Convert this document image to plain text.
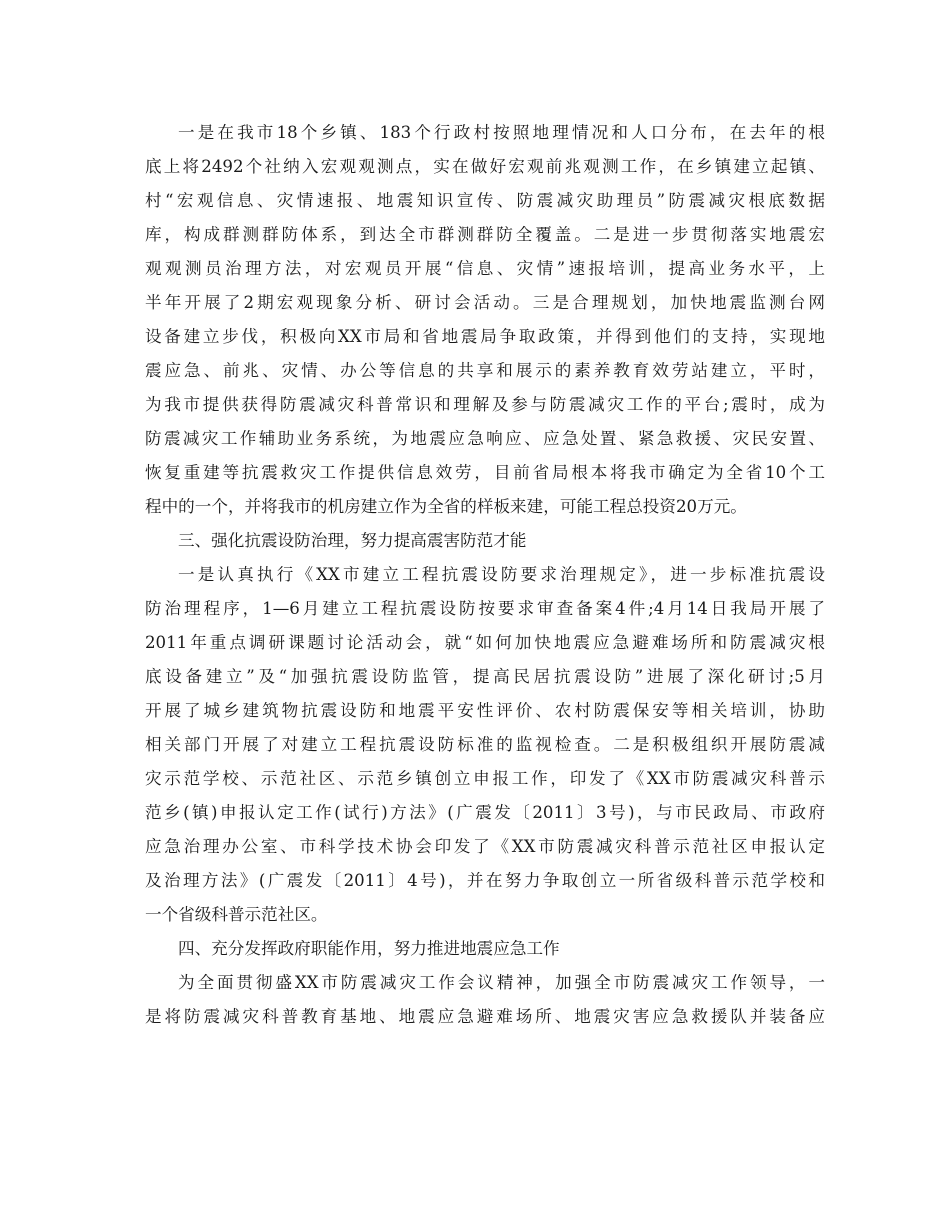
一是在我市18个乡镇、183个行政村按照地理情况和人口分布，在去年的根
底上将2492个社纳入宏观观测点，实在做好宏观前兆观测工作，在乡镇建立起镇、
村“宏观信息、灾情速报、地震知识宣传、防震减灾助理员”防震减灾根底数据
库，构成群测群防体系，到达全市群测群防全覆盖。二是进一步贯彻落实地震宏
观观测员治理方法，对宏观员开展“信息、灾情”速报培训，提高业务水平，上
半年开展了2期宏观现象分析、研讨会活动。三是合理规划，加快地震监测台网
设备建立步伐，积极向XX市局和省地震局争取政策，并得到他们的支持，实现地
震应急、前兆、灾情、办公等信息的共享和展示的素养教育效劳站建立，平时，
为我市提供获得防震减灾科普常识和理解及参与防震减灾工作的平台;震时，成为
防震减灾工作辅助业务系统，为地震应急响应、应急处置、紧急救援、灾民安置、
恢复重建等抗震救灾工作提供信息效劳，目前省局根本将我市确定为全省10个工
程中的一个，并将我市的机房建立作为全省的样板来建，可能工程总投资20万元。
三、强化抗震设防治理，努力提高震害防范才能
一是认真执行《XX市建立工程抗震设防要求治理规定》，进一步标准抗震设
防治理程序，1—6月建立工程抗震设防按要求审查备案4件;4月14日我局开展了
2011年重点调研课题讨论活动会，就“如何加快地震应急避难场所和防震减灾根
底设备建立”及“加强抗震设防监管，提高民居抗震设防”进展了深化研讨;5月
开展了城乡建筑物抗震设防和地震平安性评价、农村防震保安等相关培训，协助
相关部门开展了对建立工程抗震设防标准的监视检查。二是积极组织开展防震减
灾示范学校、示范社区、示范乡镇创立申报工作，印发了《XX市防震减灾科普示
范乡(镇)申报认定工作(试行)方法》(广震发〔2011〕3号)，与市民政局、市政府
应急治理办公室、市科学技术协会印发了《XX市防震减灾科普示范社区申报认定
及治理方法》(广震发〔2011〕4号)，并在努力争取创立一所省级科普示范学校和
一个省级科普示范社区。
四、充分发挥政府职能作用，努力推进地震应急工作
为全面贯彻盛XX市防震减灾工作会议精神，加强全市防震减灾工作领导，一
是将防震减灾科普教育基地、地震应急避难场所、地震灾害应急救援队并装备应
